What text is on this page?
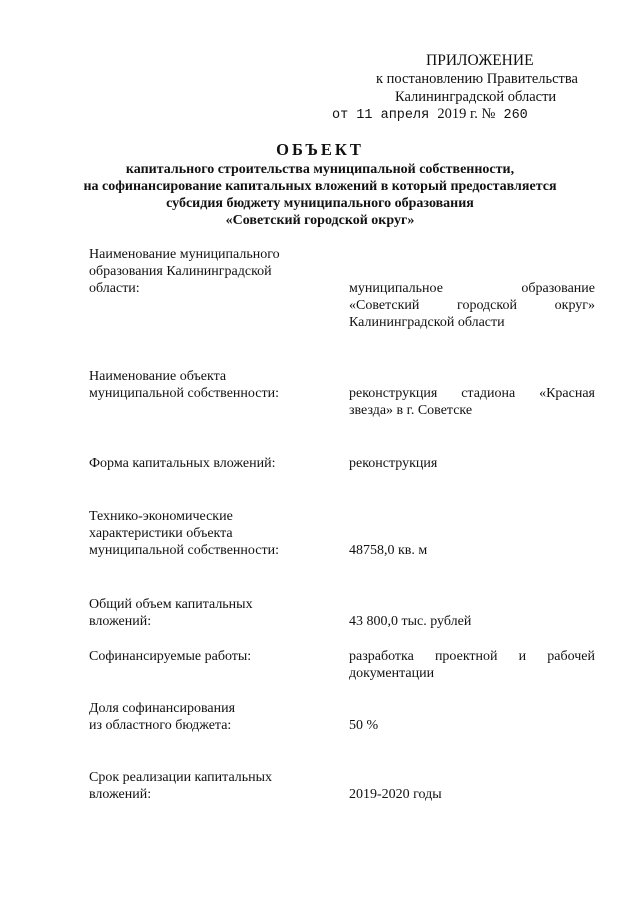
ПРИЛОЖЕНИЕ
к постановлению Правительства
Калининградской области
от 11 апреля 2019 г. № 260
ОБЪЕКТ
капитального строительства муниципальной собственности,
на софинансирование капитальных вложений в который предоставляется
субсидия бюджету муниципального образования
«Советский городской округ»
Наименование муниципального
образования Калининградской
области:	муниципальное образование
«Советский городской округ»
Калининградской области
Наименование объекта
муниципальной собственности:	реконструкция стадиона «Красная
звезда» в г. Советске
Форма капитальных вложений:	реконструкция
Технико-экономические
характеристики объекта
муниципальной собственности:	48758,0 кв. м
Общий объем капитальных
вложений:	43 800,0 тыс. рублей
Софинансируемые работы:	разработка проектной и рабочей
документации
Доля софинансирования
из областного бюджета:	50 %
Срок реализации капитальных
вложений:	2019-2020 годы
